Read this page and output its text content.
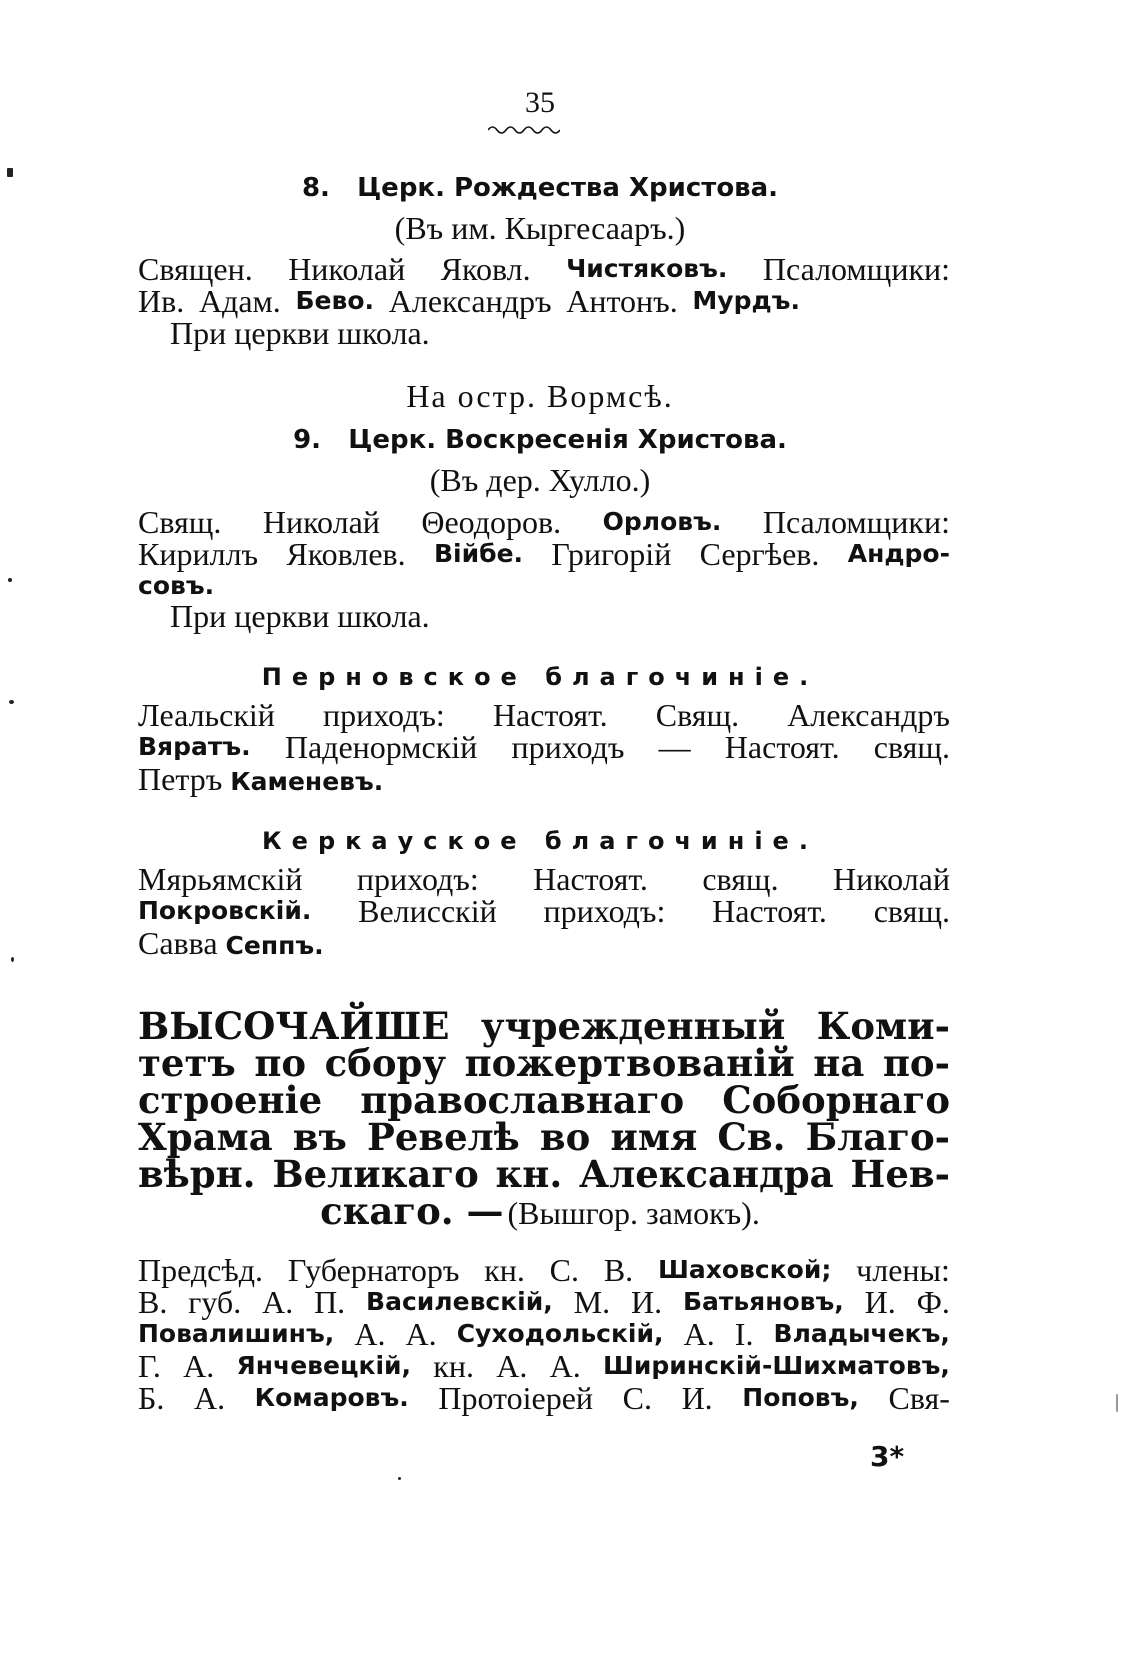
35
8. Церк. Рождества Христова.
(Въ им. Кыргесааръ.)
Священ. Николай Яковл. Чистяковъ. Псаломщики:
Ив. Адам. Бево. Александръ Антонъ. Мурдъ.
При церкви школа.
На остр. Вормсѣ.
9. Церк. Воскресенія Христова.
(Въ дер. Хулло.)
Свящ. Николай Θеодоров. Орловъ. Псаломщики:
Кириллъ Яковлев. Війбе. Григорій Сергѣев. Андро-
совъ.
При церкви школа.
Перновское благочиніе.
Леальскій приходъ: Настоят. Свящ. Александръ
Вяратъ. Паденормскій приходъ — Настоят. свящ.
Петръ Каменевъ.
Керкауское благочиніе.
Мярьямскій приходъ: Настоят. свящ. Николай
Покровскій. Велисскій приходъ: Настоят. свящ.
Савва Сеппъ.
ВЫСОЧАЙШЕ учрежденный Коми-
тетъ по сбору пожертвованій на по-
строеніе православнаго Соборнаго
Храма въ Ревелѣ во имя Св. Благо-
вѣрн. Великаго кн. Александра Нев-
скаго. — (Вышгор. замокъ).
Предсѣд. Губернаторъ кн. С. В. Шаховской; члены:
В. губ. А. П. Василевскій, М. И. Батьяновъ, И. Ф.
Повалишинъ, А. А. Суходольскій, А. І. Владычекъ,
Г. А. Янчевецкій, кн. А. А. Ширинскій-Шихматовъ,
Б. А. Комаровъ. Протоіерей С. И. Поповъ, Свя-
3*
